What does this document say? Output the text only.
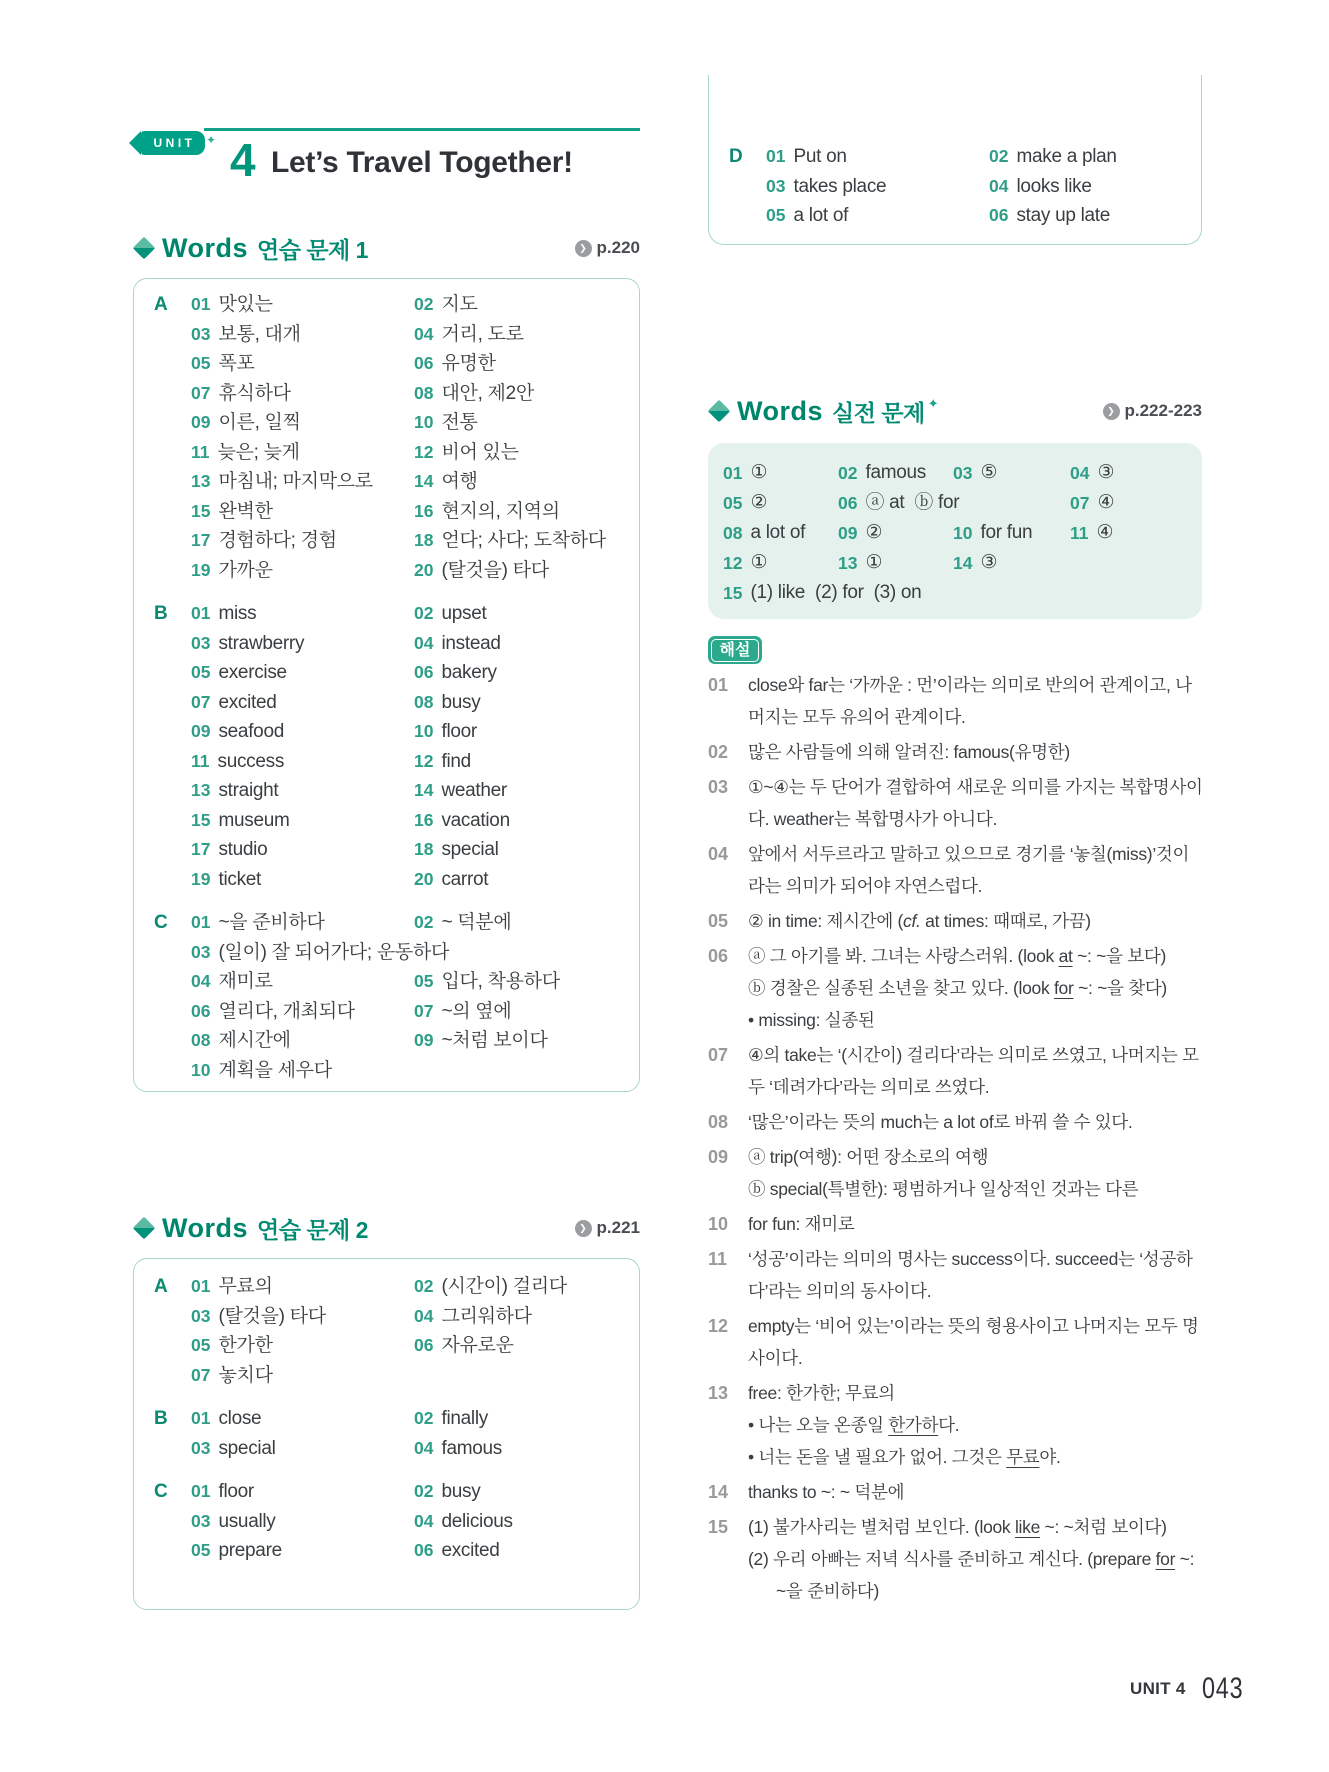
UNIT ✦ 4 Let’s Travel Together!
Words 연습 문제 1	❯ p.220
A	01 맛있는	02 지도
03 보통, 대개	04 거리, 도로
05 폭포	06 유명한
07 휴식하다	08 대안, 제2안
09 이른, 일찍	10 전통
11 늦은; 늦게	12 비어 있는
13 마침내; 마지막으로 14 여행
15 완벽한	16 현지의, 지역의
17 경험하다; 경험	18 얻다; 사다; 도착하다
19 가까운	20 (탈것을) 타다
B	01 miss	02 upset
03 strawberry	04 instead
05 exercise	06 bakery
07 excited	08 busy
09 seafood	10 floor
11 success	12 find
13 straight	14 weather
15 museum	16 vacation
17 studio	18 special
19 ticket	20 carrot
C	01 ~을 준비하다	02 ~ 덕분에
03 (일이) 잘 되어가다; 운동하다
04 재미로	05 입다, 착용하다
06 열리다, 개최되다	07 ~의 옆에
08 제시간에	09 ~처럼 보이다
10 계획을 세우다
Words 연습 문제 2	❯ p.221
A	01 무료의	02 (시간이) 걸리다
03 (탈것을) 타다	04 그리워하다
05 한가한	06 자유로운
07 놓치다
B	01 close	02 finally
03 special	04 famous
C	01 floor	02 busy
03 usually	04 delicious
05 prepare	06 excited
D	01 Put on	02 make a plan
03 takes place	04 looks like
05 a lot of	06 stay up late
Words 실전 문제 ✦	❯ p.222-223
01 ①	02 famous 03 ⑤	04 ③
05 ②	06 ⓐ at  ⓑ for	07 ④
08 a lot of 09 ②	10 for fun 11 ④
12 ①	13 ①	14 ③
15 (1) like  (2) for  (3) on
해설
01	close와 far는 ‘가까운 : 먼’이라는 의미로 반의어 관계이고, 나머지는 모두 유의어 관계이다.
02	많은 사람들에 의해 알려진: famous(유명한)
03	①~④는 두 단어가 결합하여 새로운 의미를 가지는 복합명사이다. weather는 복합명사가 아니다.
04	앞에서 서두르라고 말하고 있으므로 경기를 ‘놓칠(miss)’것이라는 의미가 되어야 자연스럽다.
05	② in time: 제시간에 (cf. at times: 때때로, 가끔)
06	ⓐ 그 아기를 봐. 그녀는 사랑스러워. (look at ~: ~을 보다)
ⓑ 경찰은 실종된 소년을 찾고 있다. (look for ~: ~을 찾다)
• missing: 실종된
07	④의 take는 ‘(시간이) 걸리다’라는 의미로 쓰였고, 나머지는 모두 ‘데려가다’라는 의미로 쓰였다.
08	‘많은’이라는 뜻의 much는 a lot of로 바꿔 쓸 수 있다.
09	ⓐ trip(여행): 어떤 장소로의 여행
ⓑ special(특별한): 평범하거나 일상적인 것과는 다른
10	for fun: 재미로
11	‘성공’이라는 의미의 명사는 success이다. succeed는 ‘성공하다’라는 의미의 동사이다.
12	empty는 ‘비어 있는’이라는 뜻의 형용사이고 나머지는 모두 명사이다.
13	free: 한가한; 무료의
• 나는 오늘 온종일 한가하다.
• 너는 돈을 낼 필요가 없어. 그것은 무료야.
14	thanks to ~: ~ 덕분에
15	(1) 불가사리는 별처럼 보인다. (look like ~: ~처럼 보이다)
(2) 우리 아빠는 저녁 식사를 준비하고 계신다. (prepare for ~: ~을 준비하다)
UNIT 4 043
